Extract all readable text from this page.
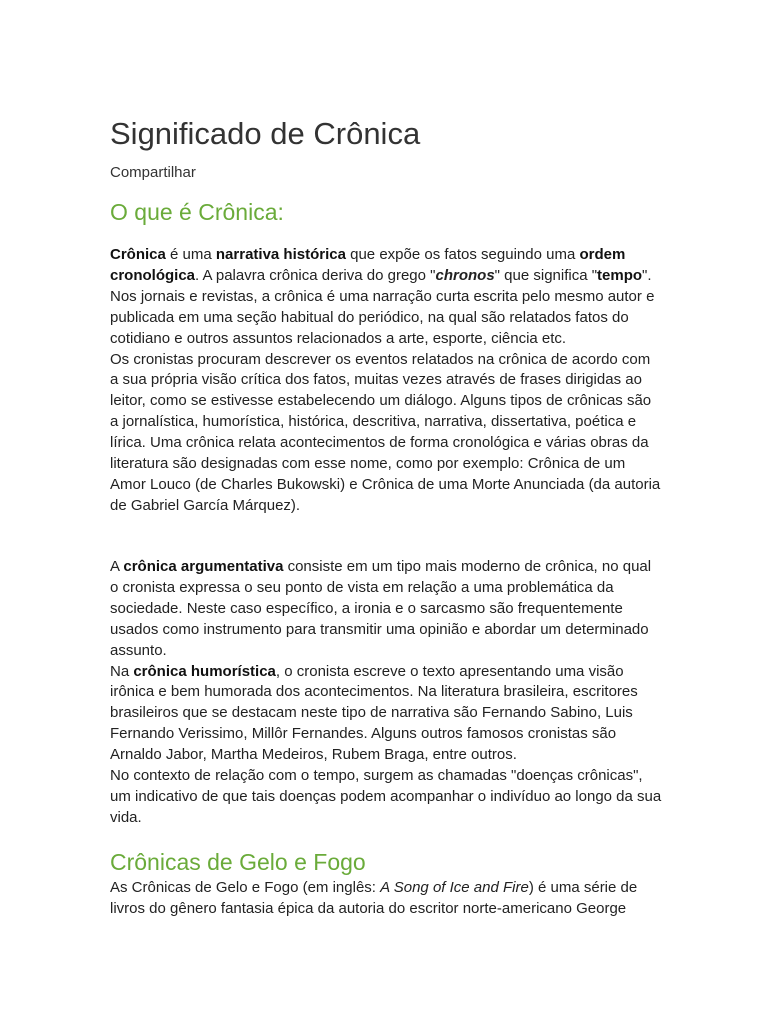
Significado de Crônica
Compartilhar
O que é Crônica:

Crônica é uma narrativa histórica que expõe os fatos seguindo uma ordem cronológica. A palavra crônica deriva do grego "chronos" que significa "tempo". Nos jornais e revistas, a crônica é uma narração curta escrita pelo mesmo autor e publicada em uma seção habitual do periódico, na qual são relatados fatos do cotidiano e outros assuntos relacionados a arte, esporte, ciência etc.

Os cronistas procuram descrever os eventos relatados na crônica de acordo com a sua própria visão crítica dos fatos, muitas vezes através de frases dirigidas ao leitor, como se estivesse estabelecendo um diálogo. Alguns tipos de crônicas são a jornalística, humorística, histórica, descritiva, narrativa, dissertativa, poética e lírica. Uma crônica relata acontecimentos de forma cronológica e várias obras da literatura são designadas com esse nome, como por exemplo: Crônica de um Amor Louco (de Charles Bukowski) e Crônica de uma Morte Anunciada (da autoria de Gabriel García Márquez).

A crônica argumentativa consiste em um tipo mais moderno de crônica, no qual o cronista expressa o seu ponto de vista em relação a uma problemática da sociedade. Neste caso específico, a ironia e o sarcasmo são frequentemente usados como instrumento para transmitir uma opinião e abordar um determinado assunto.

Na crônica humorística, o cronista escreve o texto apresentando uma visão irônica e bem humorada dos acontecimentos. Na literatura brasileira, escritores brasileiros que se destacam neste tipo de narrativa são Fernando Sabino, Luis Fernando Verissimo, Millôr Fernandes. Alguns outros famosos cronistas são Arnaldo Jabor, Martha Medeiros, Rubem Braga, entre outros.

No contexto de relação com o tempo, surgem as chamadas "doenças crônicas", um indicativo de que tais doenças podem acompanhar o indivíduo ao longo da sua vida.

Crônicas de Gelo e Fogo

As Crônicas de Gelo e Fogo (em inglês: A Song of Ice and Fire) é uma série de livros do gênero fantasia épica da autoria do escritor norte-americano George
